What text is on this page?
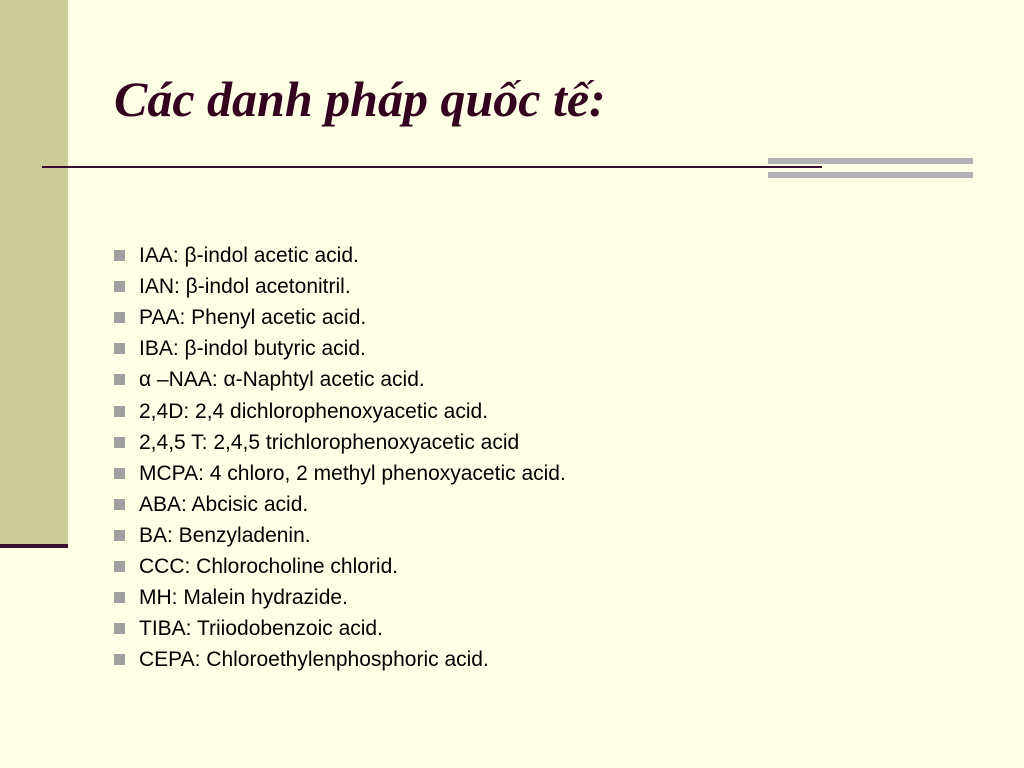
Các danh pháp quốc tế:
IAA: β-indol acetic acid.
IAN: β-indol acetonitril.
PAA: Phenyl acetic acid.
IBA: β-indol butyric acid.
α –NAA: α-Naphtyl acetic acid.
2,4D: 2,4 dichlorophenoxyacetic acid.
2,4,5 T: 2,4,5 trichlorophenoxyacetic acid
MCPA: 4 chloro, 2 methyl phenoxyacetic acid.
ABA: Abcisic acid.
BA: Benzyladenin.
CCC: Chlorocholine chlorid.
MH: Malein hydrazide.
TIBA: Triiodobenzoic acid.
CEPA: Chloroethylenphosphoric acid.
